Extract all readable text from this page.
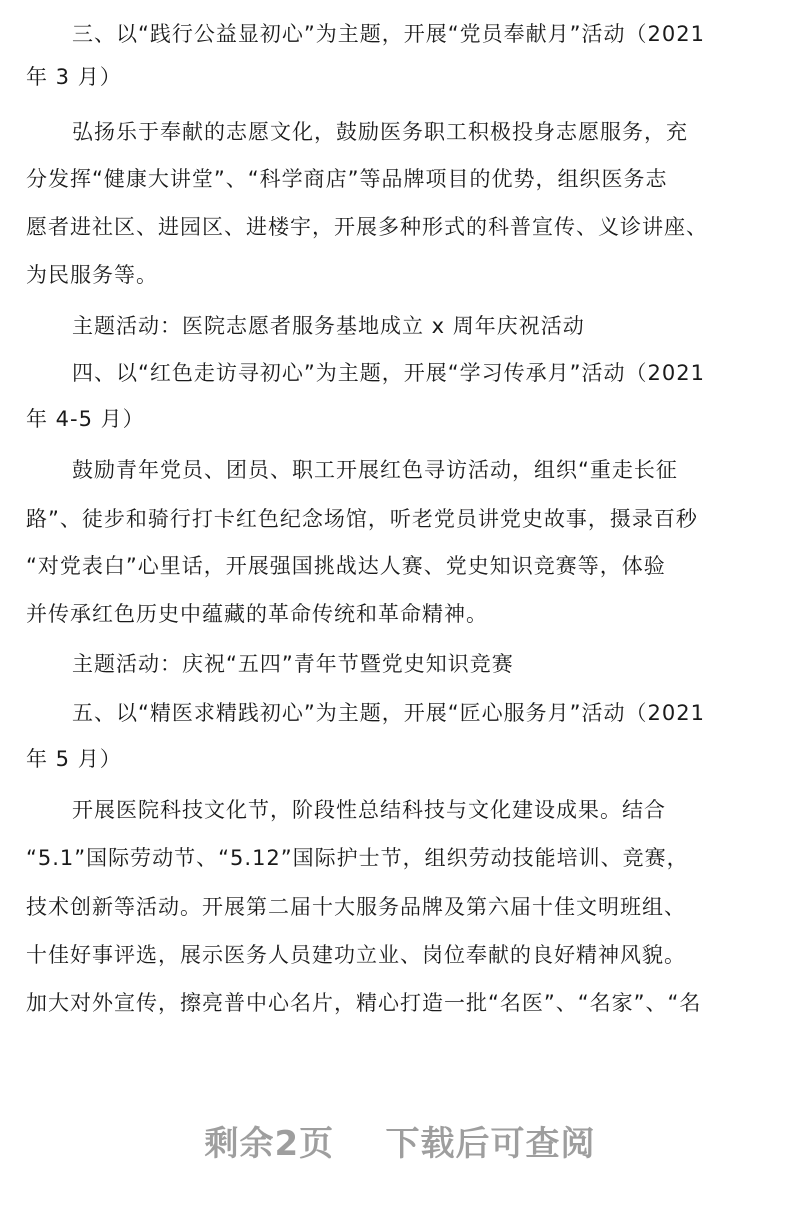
三、以“践行公益显初心”为主题，开展“党员奉献月”活动（2021
年 3 月）
弘扬乐于奉献的志愿文化，鼓励医务职工积极投身志愿服务，充
分发挥“健康大讲堂”、“科学商店”等品牌项目的优势，组织医务志
愿者进社区、进园区、进楼宇，开展多种形式的科普宣传、义诊讲座、
为民服务等。
主题活动：医院志愿者服务基地成立 x 周年庆祝活动
四、以“红色走访寻初心”为主题，开展“学习传承月”活动（2021
年 4-5 月）
鼓励青年党员、团员、职工开展红色寻访活动，组织“重走长征
路”、徒步和骑行打卡红色纪念场馆，听老党员讲党史故事，摄录百秒
“对党表白”心里话，开展强国挑战达人赛、党史知识竞赛等，体验
并传承红色历史中蕴藏的革命传统和革命精神。
主题活动：庆祝“五四”青年节暨党史知识竞赛
五、以“精医求精践初心”为主题，开展“匠心服务月”活动（2021
年 5 月）
开展医院科技文化节，阶段性总结科技与文化建设成果。结合
“5.1”国际劳动节、“5.12”国际护士节，组织劳动技能培训、竞赛，
技术创新等活动。开展第二届十大服务品牌及第六届十佳文明班组、
十佳好事评选，展示医务人员建功立业、岗位奉献的良好精神风貌。
加大对外宣传，擦亮普中心名片，精心打造一批“名医”、“名家”、“名
剩余2页    下载后可查阅
